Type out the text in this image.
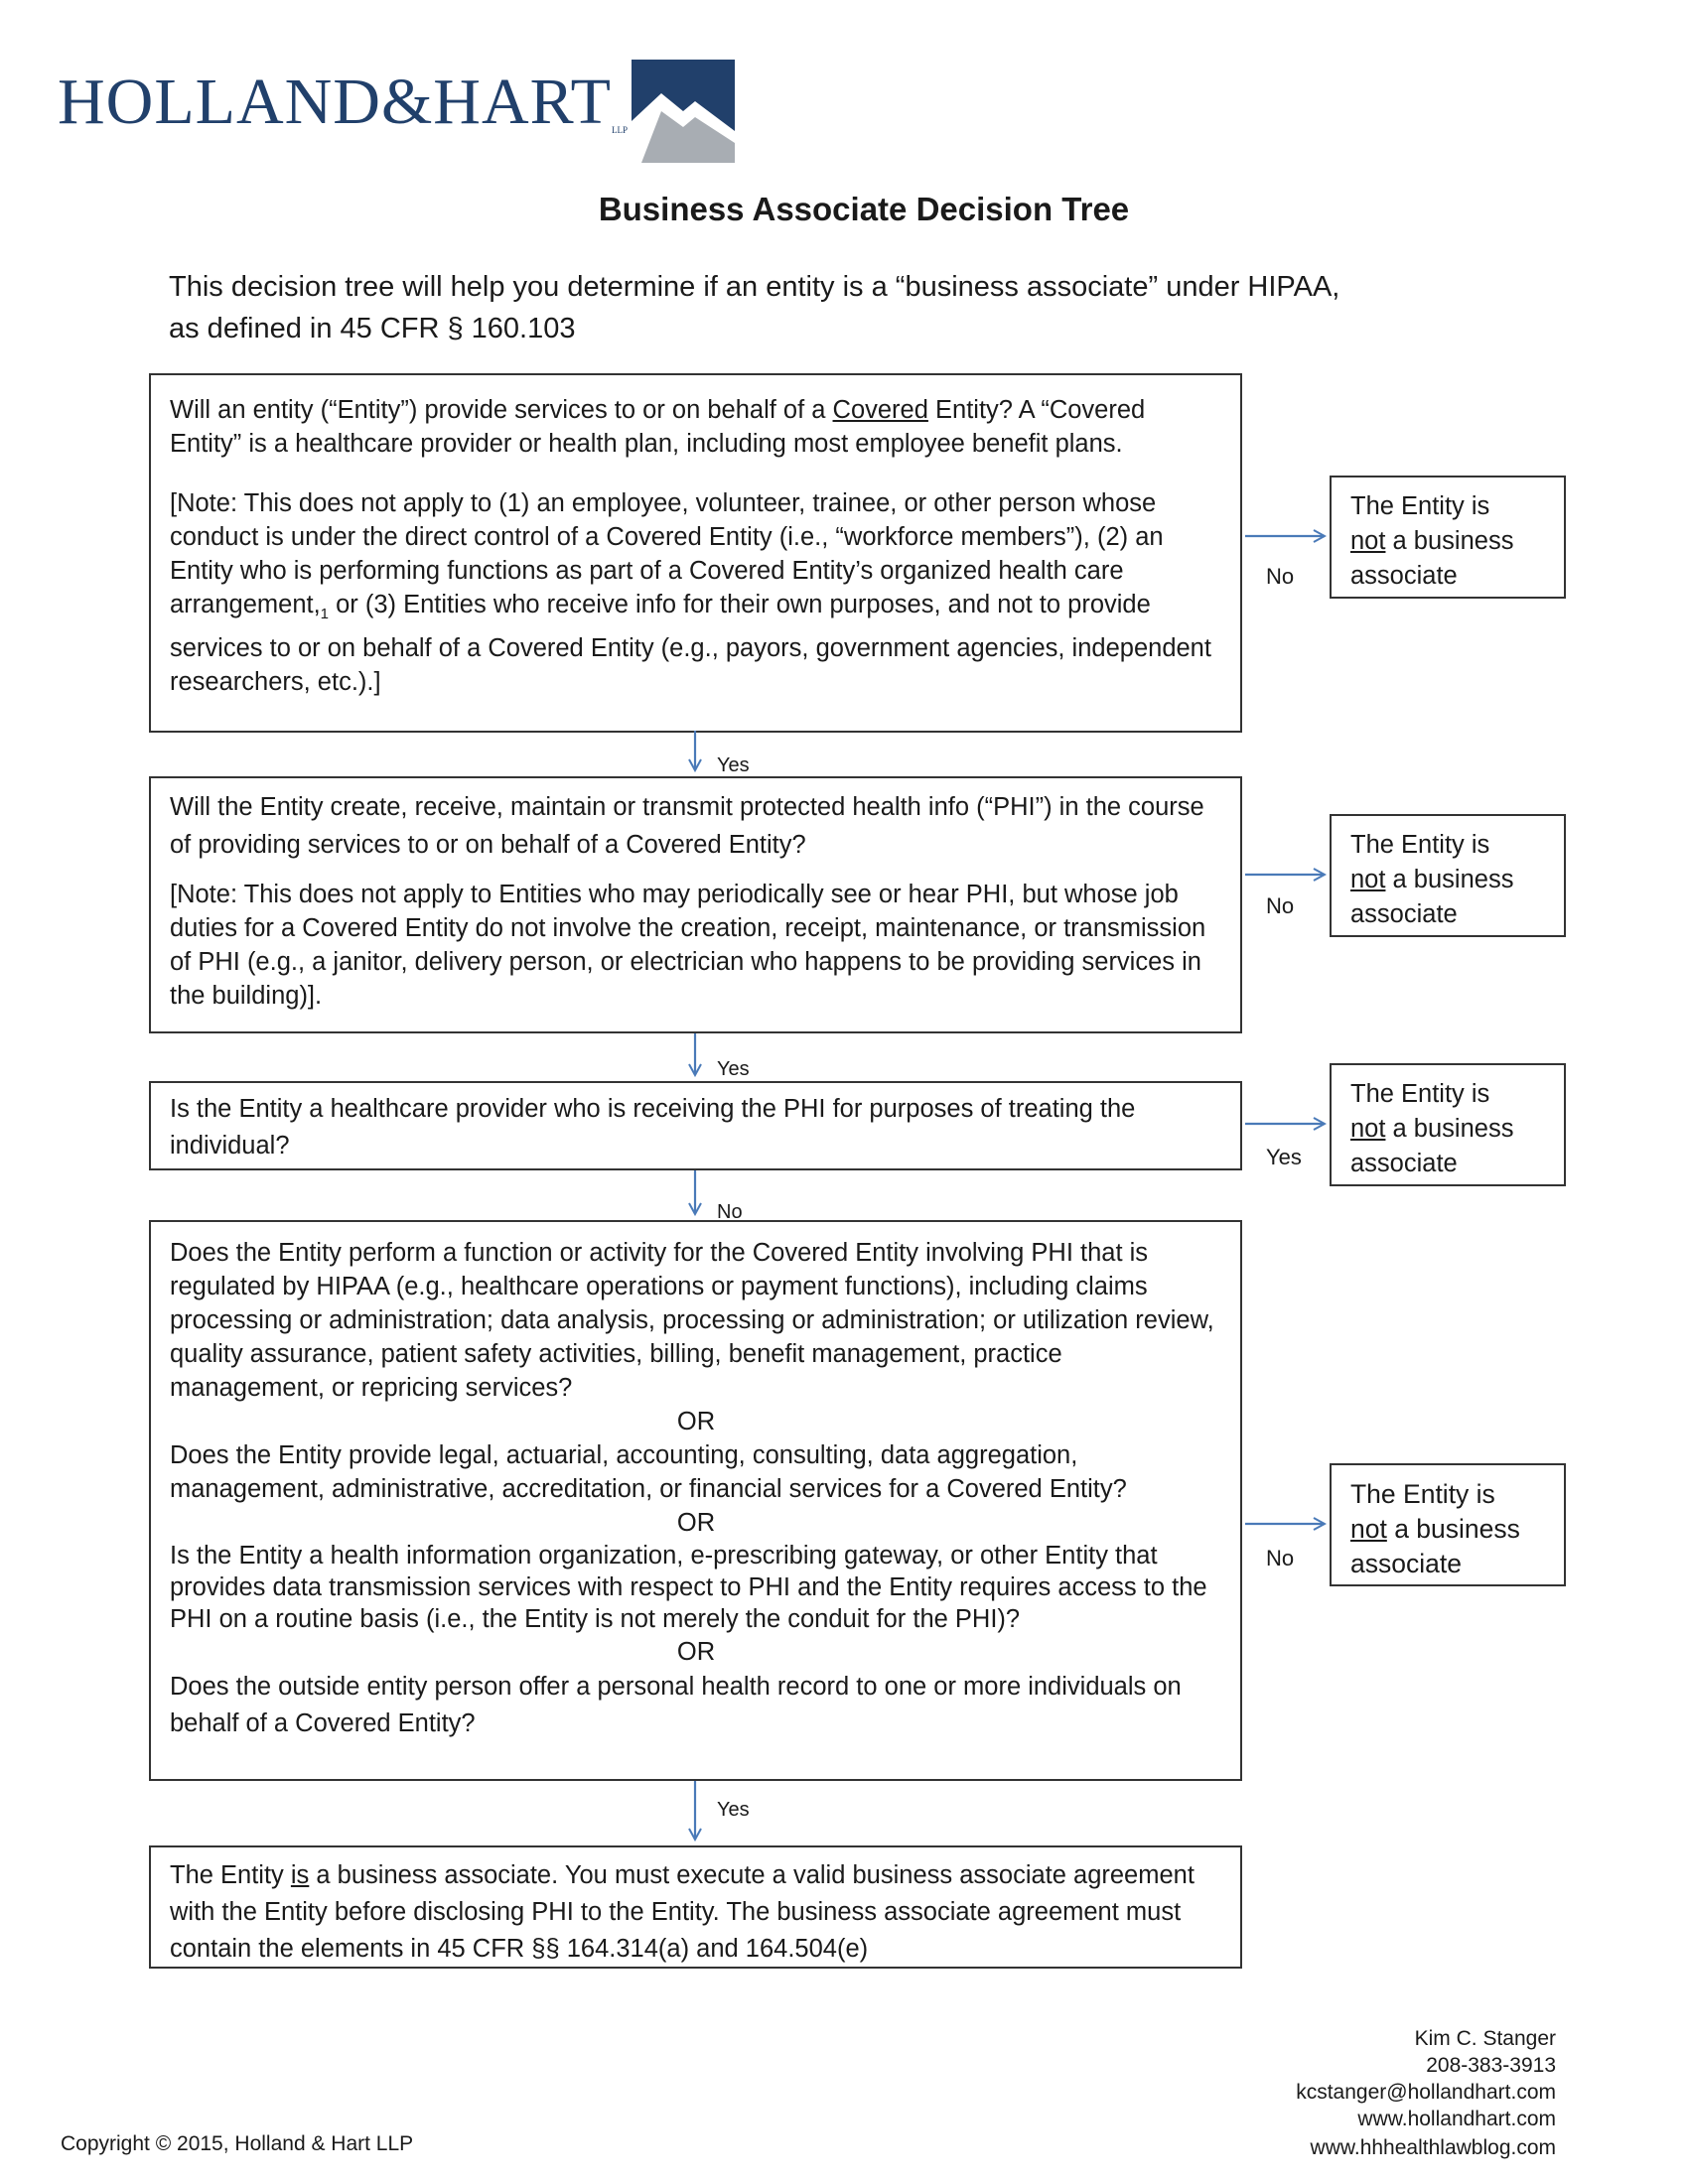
HOLLAND&HARTLLP
Business Associate Decision Tree
This decision tree will help you determine if an entity is a “business associate” under HIPAA, as defined in 45 CFR § 160.103

Will an entity (“Entity”) provide services to or on behalf of a Covered Entity? A “Covered Entity” is a healthcare provider or health plan, including most employee benefit plans.

[Note: This does not apply to (1) an employee, volunteer, trainee, or other person whose conduct is under the direct control of a Covered Entity (i.e., “workforce members”), (2) an Entity who is performing functions as part of a Covered Entity’s organized health care $arrangement,_1$ or (3) Entities who receive info for their own purposes, and not to provide services to or on behalf of a Covered Entity (e.g., payors, government agencies, independent researchers, etc.).]

Will the Entity create, receive, maintain or transmit protected health info (“PHI”) in the course of providing services to or on behalf of a Covered Entity?

[Note: This does not apply to Entities who may periodically see or hear PHI, but whose job duties for a Covered Entity do not involve the creation, receipt, maintenance, or transmission of PHI (e.g., a janitor, delivery person, or electrician who happens to be providing services in the building)].

Is the Entity a healthcare provider who is receiving the PHI for purposes of treating the individual?

Does the Entity perform a function or activity for the Covered Entity involving PHI that is regulated by HIPAA (e.g., healthcare operations or payment functions), including claims processing or administration; data analysis, processing or administration; or utilization review, quality assurance, patient safety activities, billing, benefit management, practice management, or repricing services?

OR

Does the Entity provide legal, actuarial, accounting, consulting, data aggregation, management, administrative, accreditation, or financial services for a Covered Entity?

OR

Is the Entity a health information organization, e-prescribing gateway, or other Entity that provides data transmission services with respect to PHI and the Entity requires access to the PHI on a routine basis (i.e., the Entity is not merely the conduit for the PHI)?

OR

Does the outside entity person offer a personal health record to one or more individuals on behalf of a Covered Entity?

The Entity is a business associate. You must execute a valid business associate agreement with the Entity before disclosing PHI to the Entity. The business associate agreement must contain the elements in 45 CFR §§ 164.314(a) and 164.504(e)

The Entity is
not a business associate
The Entity is
not a business associate
The Entity is
not a business associate
The Entity is
not a business associate
Yes
Yes
No
Yes
No
No
Yes
No
Kim C. Stanger
208-383-3913
kcstanger@hollandhart.com
www.hollandhart.com
www.hhhealthlawblog.com
Copyright © 2015, Holland & Hart LLP
